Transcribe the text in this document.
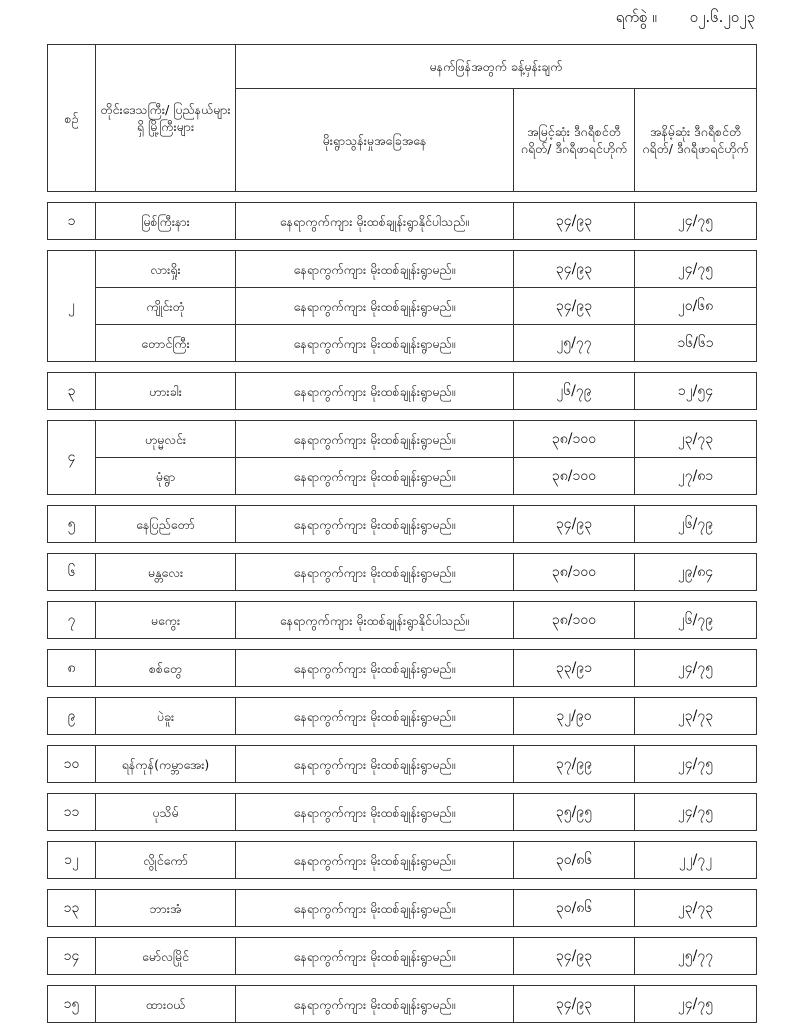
ရက်စွဲ ။ ၀၂.၆.၂၀၂၃
စဉ်	တိုင်းဒေသကြီး/ ပြည်နယ်များရှိ မြို့ကြီးများ	မနက်ဖြန်အတွက် ခန့်မှန်းချက်		
		မိုးရွာသွန်းမှုအခြေအနေ	အမြင့်ဆုံး ဒီဂရီစင်တီဂရိတ်/ ဒီဂရီဖာရင်ဟိုက်	အနိမ့်ဆုံး ဒီဂရီစင်တီဂရိတ်/ ဒီဂရီဖာရင်ဟိုက်

၁	မြစ်ကြီးနား	နေရာကွက်ကျား မိုးထစ်ချုန်းရွာနိုင်ပါသည်။	၃၄/၉၃	၂၄/၇၅

၂	လားရှိုး	နေရာကွက်ကျား မိုးထစ်ချုန်းရွာမည်။	၃၄/၉၃	၂၄/၇၅
	ကျိုင်းတုံ	နေရာကွက်ကျား မိုးထစ်ချုန်းရွာမည်။	၃၄/၉၃	၂၀/၆၈
	တောင်ကြီး	နေရာကွက်ကျား မိုးထစ်ချုန်းရွာမည်။	၂၅/၇၇	၁၆/၆၁

၃	ဟားခါး	နေရာကွက်ကျား မိုးထစ်ချုန်းရွာမည်။	၂၆/၇၉	၁၂/၅၄

၄	ဟုမ္မလင်း	နေရာကွက်ကျား မိုးထစ်ချုန်းရွာမည်။	၃၈/၁၀၀	၂၃/၇၃
	မုံရွာ	နေရာကွက်ကျား မိုးထစ်ချုန်းရွာမည်။	၃၈/၁၀၀	၂၇/၈၁

၅	နေပြည်တော်	နေရာကွက်ကျား မိုးထစ်ချုန်းရွာမည်။	၃၄/၉၃	၂၆/၇၉

၆	မန္တလေး	နေရာကွက်ကျား မိုးထစ်ချုန်းရွာမည်။	၃၈/၁၀၀	၂၉/၈၄

၇	မကွေး	နေရာကွက်ကျား မိုးထစ်ချုန်းရွာနိုင်ပါသည်။	၃၈/၁၀၀	၂၆/၇၉

၈	စစ်တွေ	နေရာကွက်ကျား မိုးထစ်ချုန်းရွာမည်။	၃၃/၉၁	၂၄/၇၅

၉	ပဲခူး	နေရာကွက်ကျား မိုးထစ်ချုန်းရွာမည်။	၃၂/၉၀	၂၃/၇၃

၁၀	ရန်ကုန်(ကမ္ဘာအေး)	နေရာကွက်ကျား မိုးထစ်ချုန်းရွာမည်။	၃၇/၉၉	၂၄/၇၅

၁၁	ပုသိမ်	နေရာကွက်ကျား မိုးထစ်ချုန်းရွာမည်။	၃၅/၉၅	၂၄/၇၅

၁၂	လွိုင်ကော်	နေရာကွက်ကျား မိုးထစ်ချုန်းရွာမည်။	၃၀/၈၆	၂၂/၇၂

၁၃	ဘားအံ	နေရာကွက်ကျား မိုးထစ်ချုန်းရွာမည်။	၃၀/၈၆	၂၃/၇၃

၁၄	မော်လမြိုင်	နေရာကွက်ကျား မိုးထစ်ချုန်းရွာမည်။	၃၄/၉၃	၂၅/၇၇

၁၅	ထားဝယ်	နေရာကွက်ကျား မိုးထစ်ချုန်းရွာမည်။	၃၄/၉၃	၂၄/၇၅
